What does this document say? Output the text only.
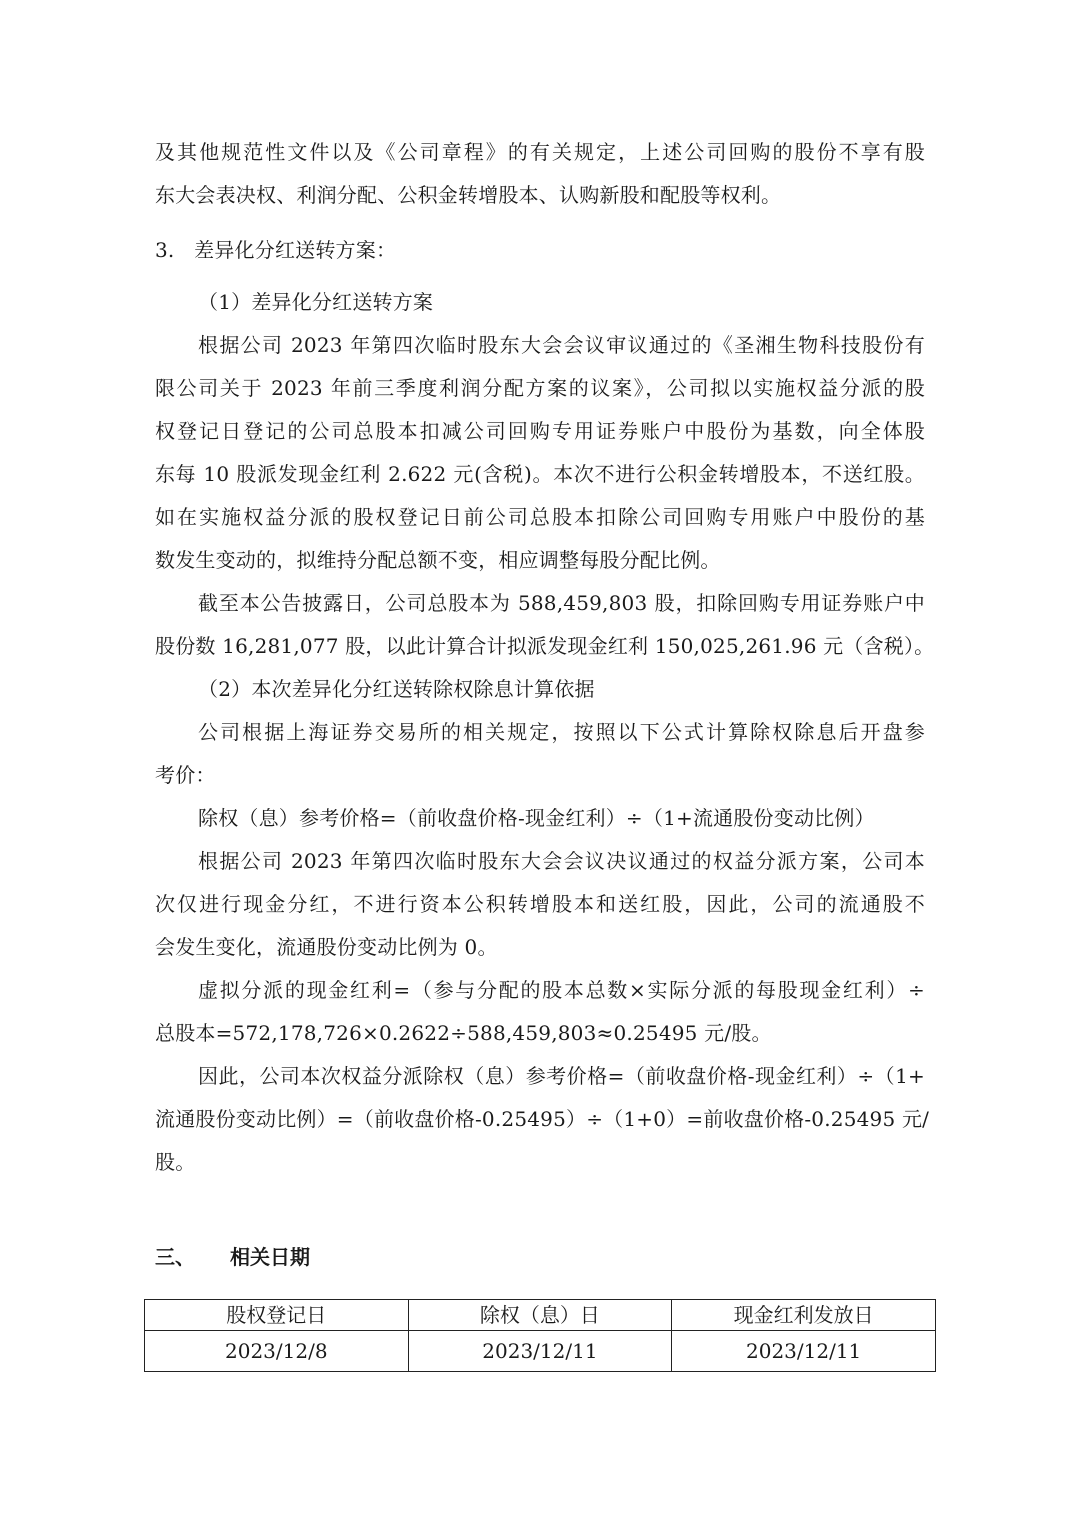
及其他规范性文件以及《公司章程》的有关规定，上述公司回购的股份不享有股
东大会表决权、利润分配、公积金转增股本、认购新股和配股等权利。
3.   差异化分红送转方案：
（1）差异化分红送转方案
根据公司 2023 年第四次临时股东大会会议审议通过的《圣湘生物科技股份有
限公司关于 2023 年前三季度利润分配方案的议案》，公司拟以实施权益分派的股
权登记日登记的公司总股本扣减公司回购专用证券账户中股份为基数，向全体股
东每 10 股派发现金红利 2.622 元(含税)。本次不进行公积金转增股本，不送红股。
如在实施权益分派的股权登记日前公司总股本扣除公司回购专用账户中股份的基
数发生变动的，拟维持分配总额不变，相应调整每股分配比例。
截至本公告披露日，公司总股本为 588,459,803 股，扣除回购专用证券账户中
股份数 16,281,077 股，以此计算合计拟派发现金红利 150,025,261.96 元（含税）。
（2）本次差异化分红送转除权除息计算依据
公司根据上海证券交易所的相关规定，按照以下公式计算除权除息后开盘参
考价：
除权（息）参考价格=（前收盘价格-现金红利）÷（1+流通股份变动比例）
根据公司 2023 年第四次临时股东大会会议决议通过的权益分派方案，公司本
次仅进行现金分红，不进行资本公积转增股本和送红股，因此，公司的流通股不
会发生变化，流通股份变动比例为 0。
虚拟分派的现金红利=（参与分配的股本总数×实际分派的每股现金红利）÷
总股本=572,178,726×0.2622÷588,459,803≈0.25495 元/股。
因此，公司本次权益分派除权（息）参考价格=（前收盘价格-现金红利）÷（1+
流通股份变动比例）=（前收盘价格-0.25495）÷（1+0）=前收盘价格-0.25495 元/
股。
三、 相关日期
股权登记日	除权（息）日	现金红利发放日
2023/12/8	2023/12/11	2023/12/11
